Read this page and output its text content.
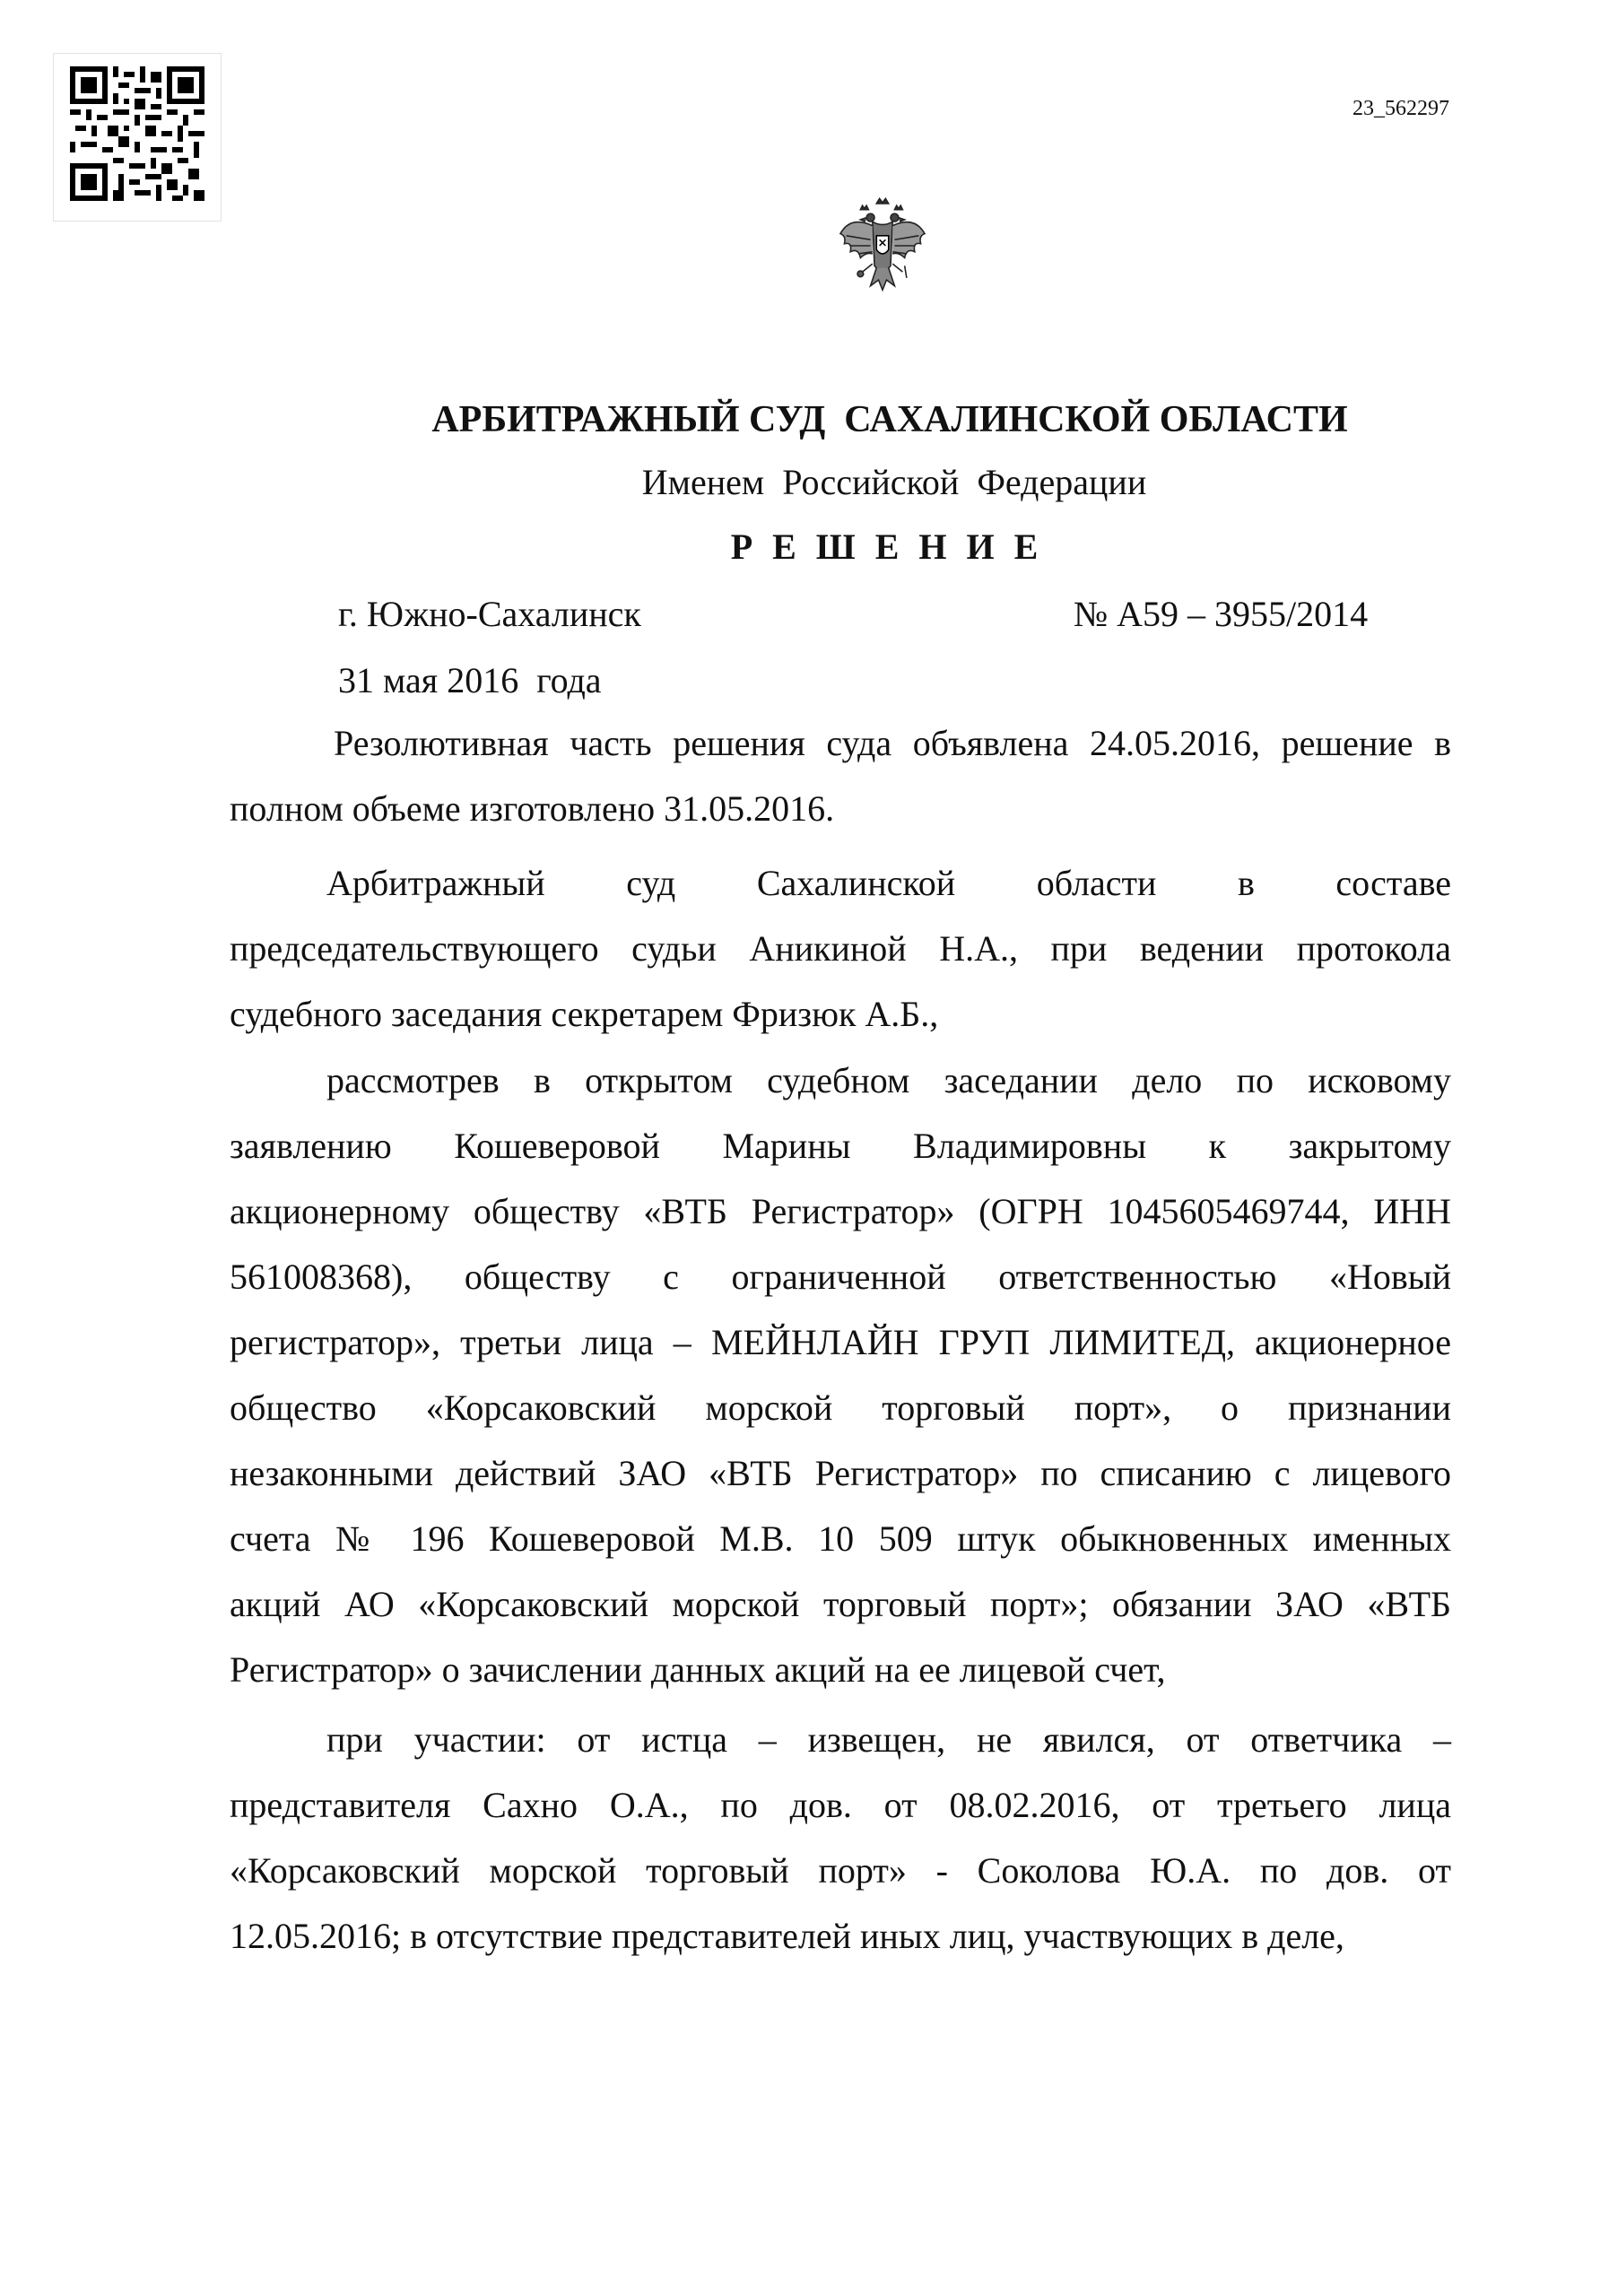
23_562297
АРБИТРАЖНЫЙ СУД  САХАЛИНСКОЙ ОБЛАСТИ
Именем  Российской  Федерации
РЕШЕНИЕ
г. Южно-Сахалинск	№ А59 – 3955/2014
31 мая 2016  года
Резолютивная часть решения суда объявлена 24.05.2016, решение в
полном объеме изготовлено 31.05.2016.
Арбитражный суд Сахалинской области в составе
председательствующего судьи Аникиной Н.А., при ведении протокола
судебного заседания секретарем Фризюк А.Б.,
рассмотрев в открытом судебном заседании дело по исковому
заявлению Кошеверовой Марины Владимировны к закрытому
акционерному обществу «ВТБ Регистратор» (ОГРН 1045605469744, ИНН
561008368), обществу с ограниченной ответственностью «Новый
регистратор», третьи лица – МЕЙНЛАЙН ГРУП ЛИМИТЕД, акционерное
общество «Корсаковский морской торговый порт», о признании
незаконными действий ЗАО «ВТБ Регистратор» по списанию с лицевого
счета № 196 Кошеверовой М.В. 10 509 штук обыкновенных именных
акций АО «Корсаковский морской торговый порт»; обязании ЗАО «ВТБ
Регистратор» о зачислении данных акций на ее лицевой счет,
при участии: от истца – извещен, не явился, от ответчика –
представителя Сахно О.А., по дов. от 08.02.2016, от третьего лица
«Корсаковский морской торговый порт» - Соколова Ю.А. по дов. от
12.05.2016; в отсутствие представителей иных лиц, участвующих в деле,
